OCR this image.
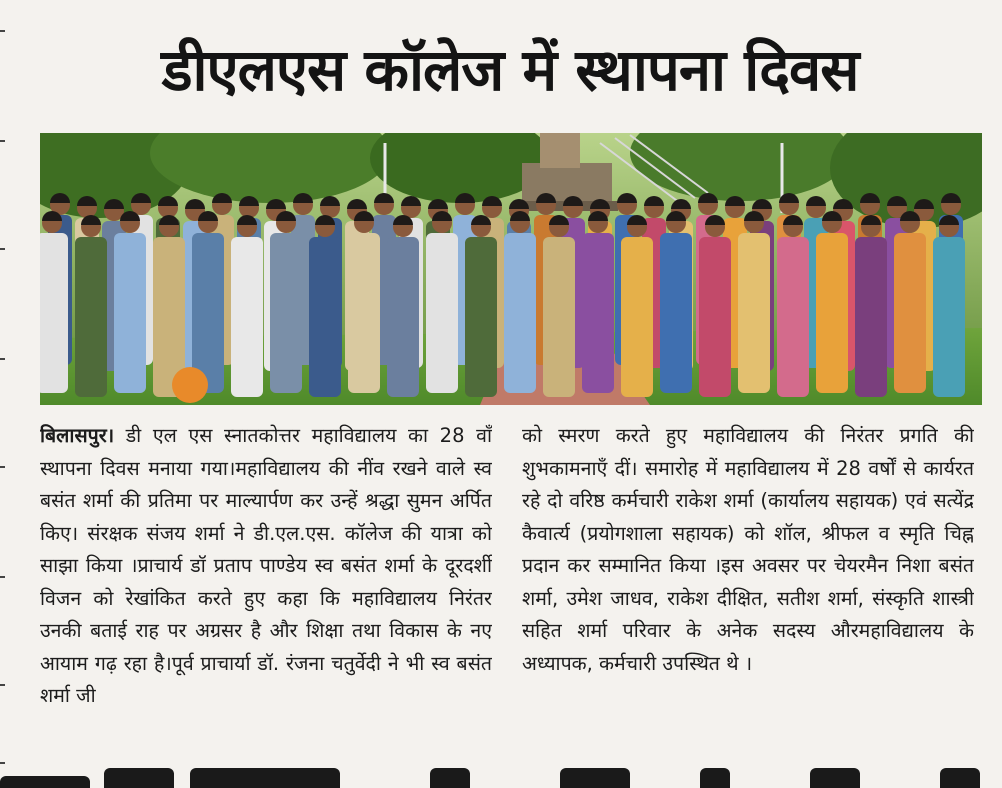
डीएलएस कॉलेज में स्थापना दिवस
बिलासपुर। डी एल एस स्नातकोत्तर महाविद्यालय का 28 वाँ स्थापना दिवस मनाया गया।महाविद्यालय की नींव रखने वाले स्व बसंत शर्मा की प्रतिमा पर माल्यार्पण कर उन्हें श्रद्धा सुमन अर्पित किए। संरक्षक संजय शर्मा ने डी.एल.एस. कॉलेज की यात्रा को साझा किया ।प्राचार्य डॉ प्रताप पाण्डेय स्व बसंत शर्मा के दूरदर्शी विजन को रेखांकित करते हुए कहा कि महाविद्यालय निरंतर उनकी बताई राह पर अग्रसर है और शिक्षा तथा विकास के नए आयाम गढ़ रहा है।पूर्व प्राचार्या डॉ. रंजना चतुर्वेदी ने भी स्व बसंत शर्मा जी
को स्मरण करते हुए महाविद्यालय की निरंतर प्रगति की शुभकामनाएँ दीं। समारोह में महाविद्यालय में 28 वर्षों से कार्यरत रहे दो वरिष्ठ कर्मचारी राकेश शर्मा (कार्यालय सहायक) एवं सत्येंद्र कैवार्त्य (प्रयोगशाला सहायक) को शॉल, श्रीफल व स्मृति चिह्न प्रदान कर सम्मानित किया ।इस अवसर पर चेयरमैन निशा बसंत शर्मा, उमेश जाधव, राकेश दीक्षित, सतीश शर्मा, संस्कृति शास्त्री सहित शर्मा परिवार के अनेक सदस्य औरमहाविद्यालय के अध्यापक, कर्मचारी उपस्थित थे ।
